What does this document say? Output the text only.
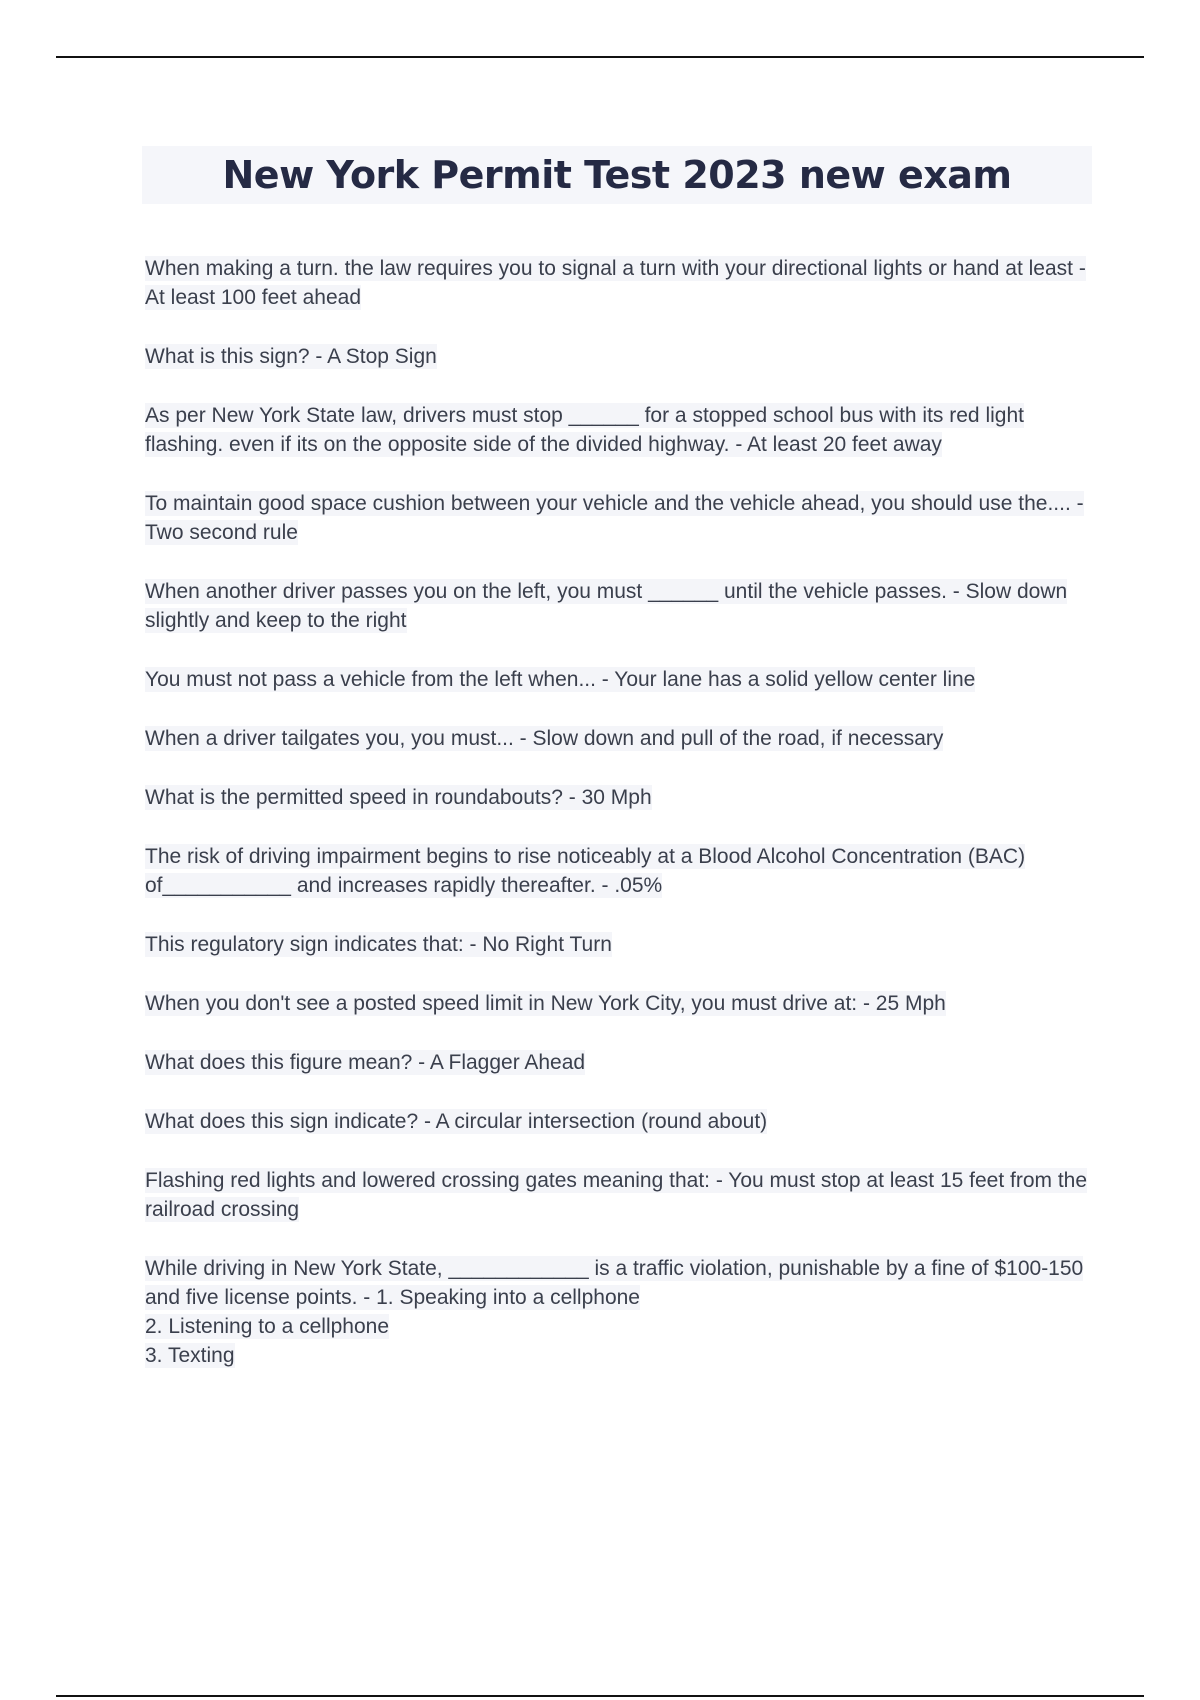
New York Permit Test 2023 new exam

When making a turn. the law requires you to signal a turn with your directional lights or hand at least - At least 100 feet ahead

What is this sign? - A Stop Sign

As per New York State law, drivers must stop ______ for a stopped school bus with its red light flashing. even if its on the opposite side of the divided highway. - At least 20 feet away

To maintain good space cushion between your vehicle and the vehicle ahead, you should use the.... - Two second rule

When another driver passes you on the left, you must ______ until the vehicle passes. - Slow down slightly and keep to the right

You must not pass a vehicle from the left when... - Your lane has a solid yellow center line

When a driver tailgates you, you must... - Slow down and pull of the road, if necessary

What is the permitted speed in roundabouts? - 30 Mph

The risk of driving impairment begins to rise noticeably at a Blood Alcohol Concentration (BAC) of___________ and increases rapidly thereafter. - .05%

This regulatory sign indicates that: - No Right Turn

When you don't see a posted speed limit in New York City, you must drive at: - 25 Mph

What does this figure mean? - A Flagger Ahead

What does this sign indicate? - A circular intersection (round about)

Flashing red lights and lowered crossing gates meaning that: - You must stop at least 15 feet from the railroad crossing

While driving in New York State, ____________ is a traffic violation, punishable by a fine of $100-150 and five license points. - 1. Speaking into a cellphone
2. Listening to a cellphone
3. Texting
